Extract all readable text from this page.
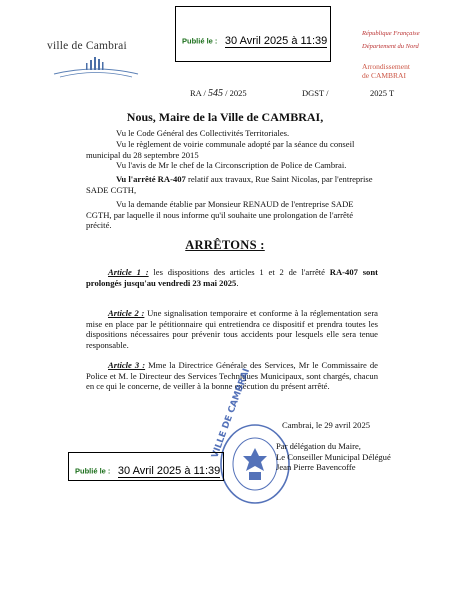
ville de Cambrai	Publié le : 30 Avril 2025 à 11:39
République Française
Département du Nord
Arrondissement
de CAMBRAI
RA / 545 / 2025	DGST /	2025 T
Nous, Maire de la Ville de CAMBRAI,
Vu le Code Général des Collectivités Territoriales.
Vu le règlement de voirie communale adopté par la séance du conseil municipal du 28 septembre 2015
Vu l'avis de Mr le chef de la Circonscription de Police de Cambrai.
Vu l'arrêté RA-407 relatif aux travaux, Rue Saint Nicolas, par l'entreprise SADE CGTH,
Vu la demande établie par Monsieur RENAUD de l'entreprise SADE CGTH, par laquelle il nous informe qu'il souhaite une prolongation de l'arrêté précité.
ARRÊTONS :
Article 1 : les dispositions des articles 1 et 2 de l'arrêté RA-407 sont prolongés jusqu'au vendredi 23 mai 2025.
Article 2 : Une signalisation temporaire et conforme à la réglementation sera mise en place par le pétitionnaire qui entretiendra ce dispositif et prendra toutes les dispositions nécessaires pour prévenir tous accidents pour lesquels elle sera tenue responsable.
Article 3 : Mme la Directrice Générale des Services, Mr le Commissaire de Police et M. le Directeur des Services Techniques Municipaux, sont chargés, chacun en ce qui le concerne, de veiller à la bonne exécution du présent arrêté.
Cambrai, le 29 avril 2025
VILLE DE CAMBRAI	Par délégation du Maire,
Le Conseiller Municipal Délégué
Jean Pierre Bavencoffe
Publié le : 30 Avril 2025 à 11:39
